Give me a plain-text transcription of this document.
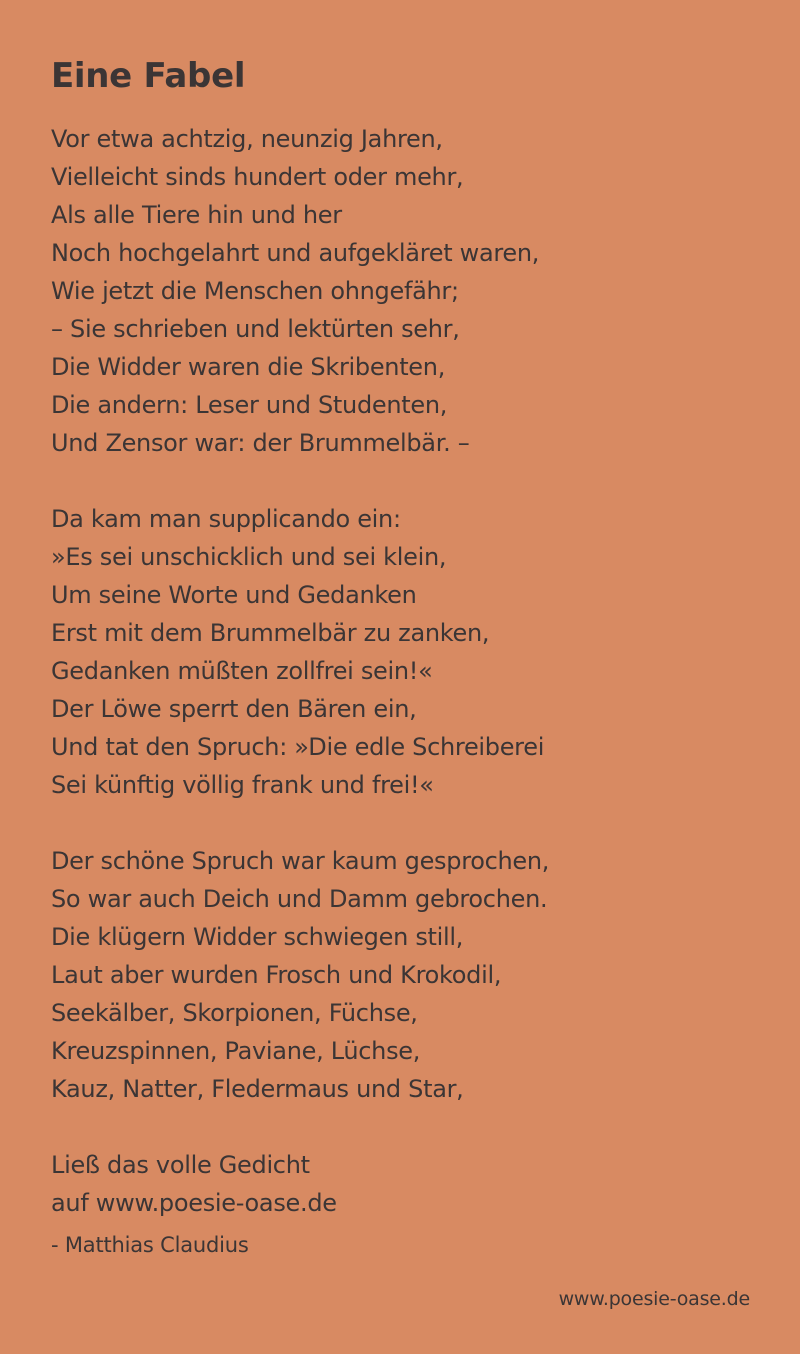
Eine Fabel
Vor etwa achtzig, neunzig Jahren,
Vielleicht sinds hundert oder mehr,
Als alle Tiere hin und her
Noch hochgelahrt und aufgekläret waren,
Wie jetzt die Menschen ohngefähr;
– Sie schrieben und lektürten sehr,
Die Widder waren die Skribenten,
Die andern: Leser und Studenten,
Und Zensor war: der Brummelbär. –
Da kam man supplicando ein:
»Es sei unschicklich und sei klein,
Um seine Worte und Gedanken
Erst mit dem Brummelbär zu zanken,
Gedanken müßten zollfrei sein!«
Der Löwe sperrt den Bären ein,
Und tat den Spruch: »Die edle Schreiberei
Sei künftig völlig frank und frei!«
Der schöne Spruch war kaum gesprochen,
So war auch Deich und Damm gebrochen.
Die klügern Widder schwiegen still,
Laut aber wurden Frosch und Krokodil,
Seekälber, Skorpionen, Füchse,
Kreuzspinnen, Paviane, Lüchse,
Kauz, Natter, Fledermaus und Star,
Ließ das volle Gedicht
auf www.poesie-oase.de
- Matthias Claudius
www.poesie-oase.de
